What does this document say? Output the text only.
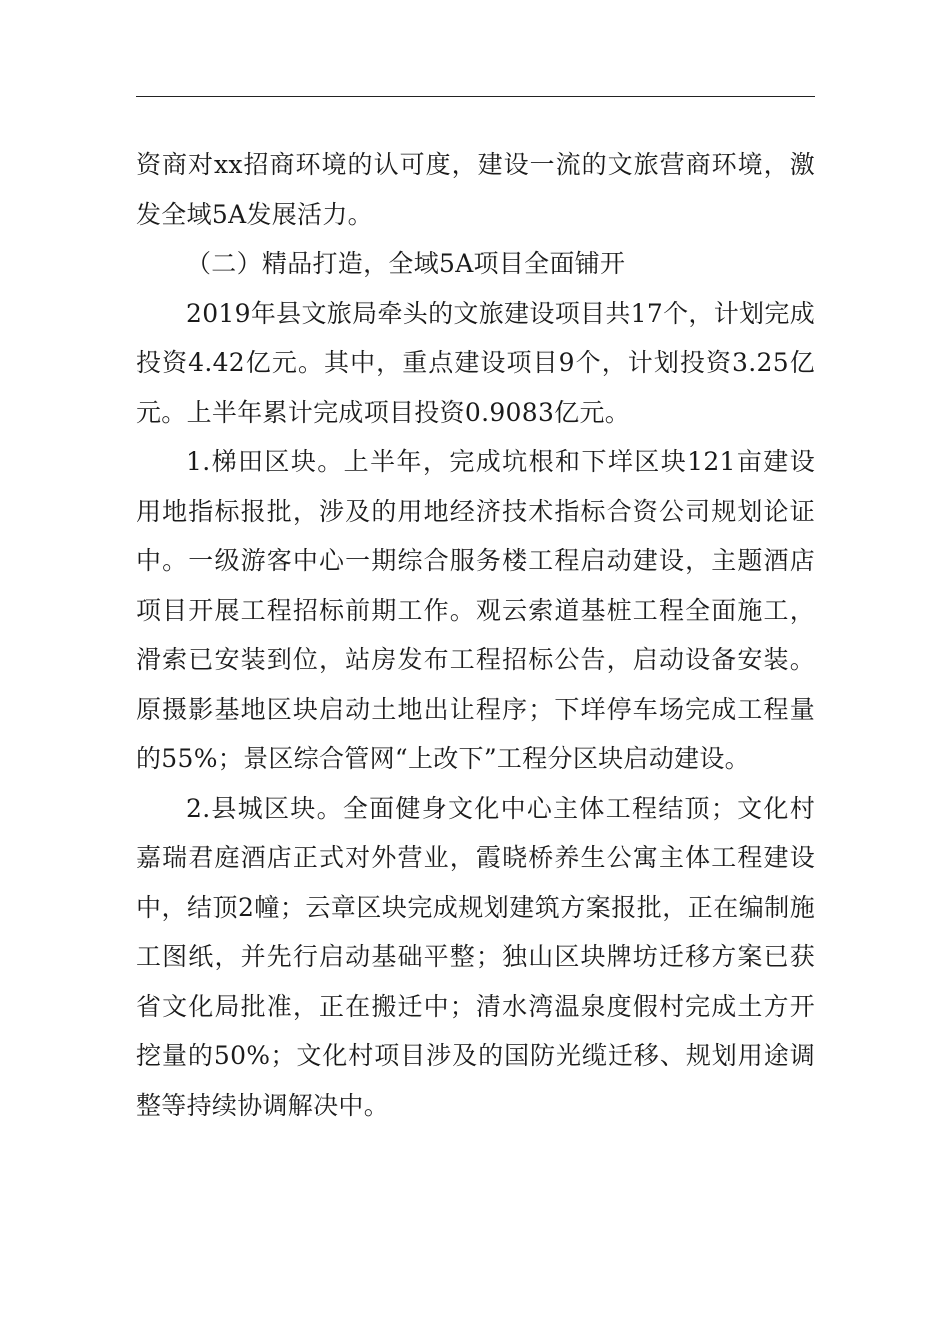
资商对xx招商环境的认可度，建设一流的文旅营商环境，激发全域5A发展活力。

（二）精品打造，全域5A项目全面铺开

2019年县文旅局牵头的文旅建设项目共17个，计划完成投资4.42亿元。其中，重点建设项目9个，计划投资3.25亿元。上半年累计完成项目投资0.9083亿元。

1.梯田区块。上半年，完成坑根和下垟区块121亩建设用地指标报批，涉及的用地经济技术指标合资公司规划论证中。一级游客中心一期综合服务楼工程启动建设，主题酒店项目开展工程招标前期工作。观云索道基桩工程全面施工，滑索已安装到位，站房发布工程招标公告，启动设备安装。原摄影基地区块启动土地出让程序；下垟停车场完成工程量的55%；景区综合管网“上改下”工程分区块启动建设。

2.县城区块。全面健身文化中心主体工程结顶；文化村嘉瑞君庭酒店正式对外营业，霞晓桥养生公寓主体工程建设中，结顶2幢；云章区块完成规划建筑方案报批，正在编制施工图纸，并先行启动基础平整；独山区块牌坊迁移方案已获省文化局批准，正在搬迁中；清水湾温泉度假村完成土方开挖量的50%；文化村项目涉及的国防光缆迁移、规划用途调整等持续协调解决中。
